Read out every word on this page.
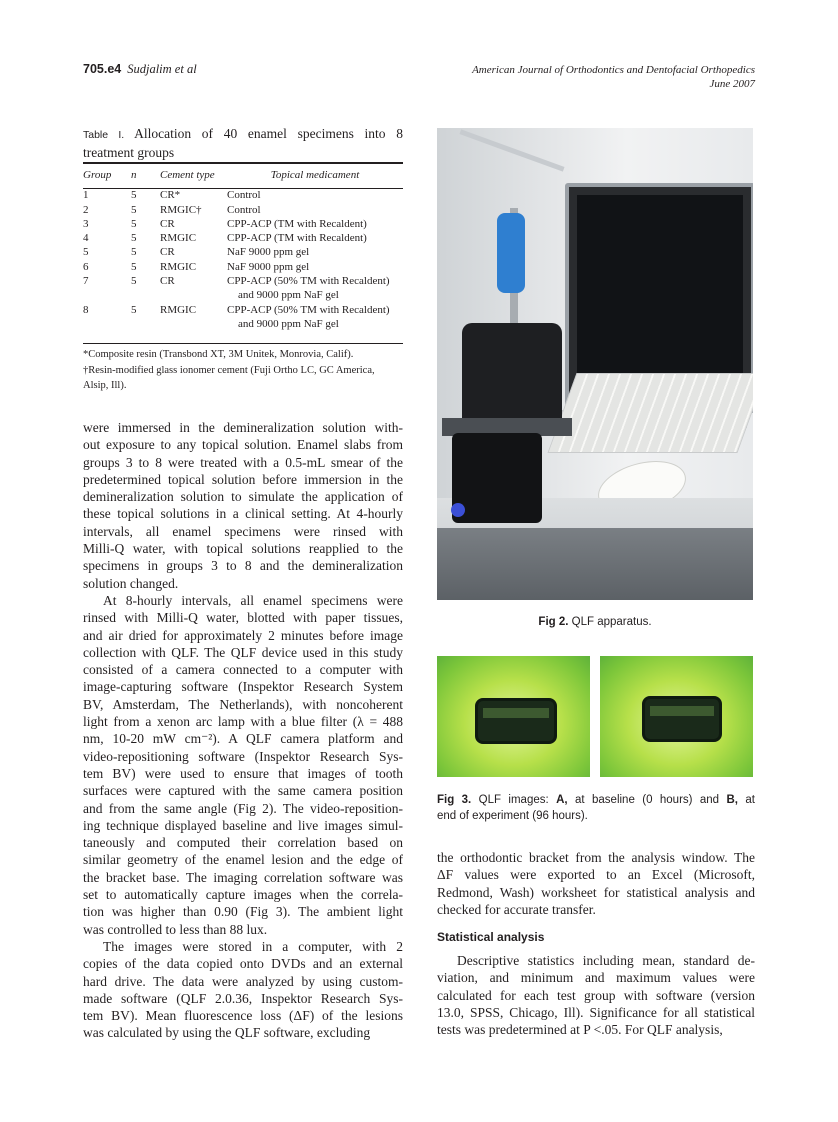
705.e4 Sudjalim et al	American Journal of Orthodontics and Dentofacial Orthopedics
June 2007
Table I. Allocation of 40 enamel specimens into 8
treatment groups
Group	n	Cement type	Topical medicament

1	5	CR*	Control

2	5	RMGIC†	Control

3	5	CR	CPP-ACP (TM with Recaldent)

4	5	RMGIC	CPP-ACP (TM with Recaldent)

5	5	CR	NaF 9000 ppm gel

6	5	RMGIC	NaF 9000 ppm gel

7	5	CR	CPP-ACP (50% TM with Recaldent)
and 9000 ppm NaF gel

8	5	RMGIC	CPP-ACP (50% TM with Recaldent)
and 9000 ppm NaF gel
*Composite resin (Transbond XT, 3M Unitek, Monrovia, Calif).
†Resin-modified glass ionomer cement (Fuji Ortho LC, GC America,
Alsip, Ill).
were immersed in the demineralization solution with-
out exposure to any topical solution. Enamel slabs from
groups 3 to 8 were treated with a 0.5-mL smear of the
predetermined topical solution before immersion in the
demineralization solution to simulate the application of
these topical solutions in a clinical setting. At 4-hourly
intervals, all enamel specimens were rinsed with
Milli-Q water, with topical solutions reapplied to the
specimens in groups 3 to 8 and the demineralization
solution changed.
At 8-hourly intervals, all enamel specimens were
rinsed with Milli-Q water, blotted with paper tissues,
and air dried for approximately 2 minutes before image
collection with QLF. The QLF device used in this study
consisted of a camera connected to a computer with
image-capturing software (Inspektor Research System
BV, Amsterdam, The Netherlands), with noncoherent
light from a xenon arc lamp with a blue filter (λ = 488
nm, 10-20 mW cm⁻²). A QLF camera platform and
video-repositioning software (Inspektor Research Sys-
tem BV) were used to ensure that images of tooth
surfaces were captured with the same camera position
and from the same angle (Fig 2). The video-reposition-
ing technique displayed baseline and live images simul-
taneously and computed their correlation based on
similar geometry of the enamel lesion and the edge of
the bracket base. The imaging correlation software was
set to automatically capture images when the correla-
tion was higher than 0.90 (Fig 3). The ambient light
was controlled to less than 88 lux.
The images were stored in a computer, with 2
copies of the data copied onto DVDs and an external
hard drive. The data were analyzed by using custom-
made software (QLF 2.0.36, Inspektor Research Sys-
tem BV). Mean fluorescence loss (ΔF) of the lesions
was calculated by using the QLF software, excluding
Fig 2. QLF apparatus.
Fig 3. QLF images: A, at baseline (0 hours) and B, at
end of experiment (96 hours).
the orthodontic bracket from the analysis window. The
ΔF values were exported to an Excel (Microsoft,
Redmond, Wash) worksheet for statistical analysis and
checked for accurate transfer.
Statistical analysis
Descriptive statistics including mean, standard de-
viation, and minimum and maximum values were
calculated for each test group with software (version
13.0, SPSS, Chicago, Ill). Significance for all statistical
tests was predetermined at P <.05. For QLF analysis,
